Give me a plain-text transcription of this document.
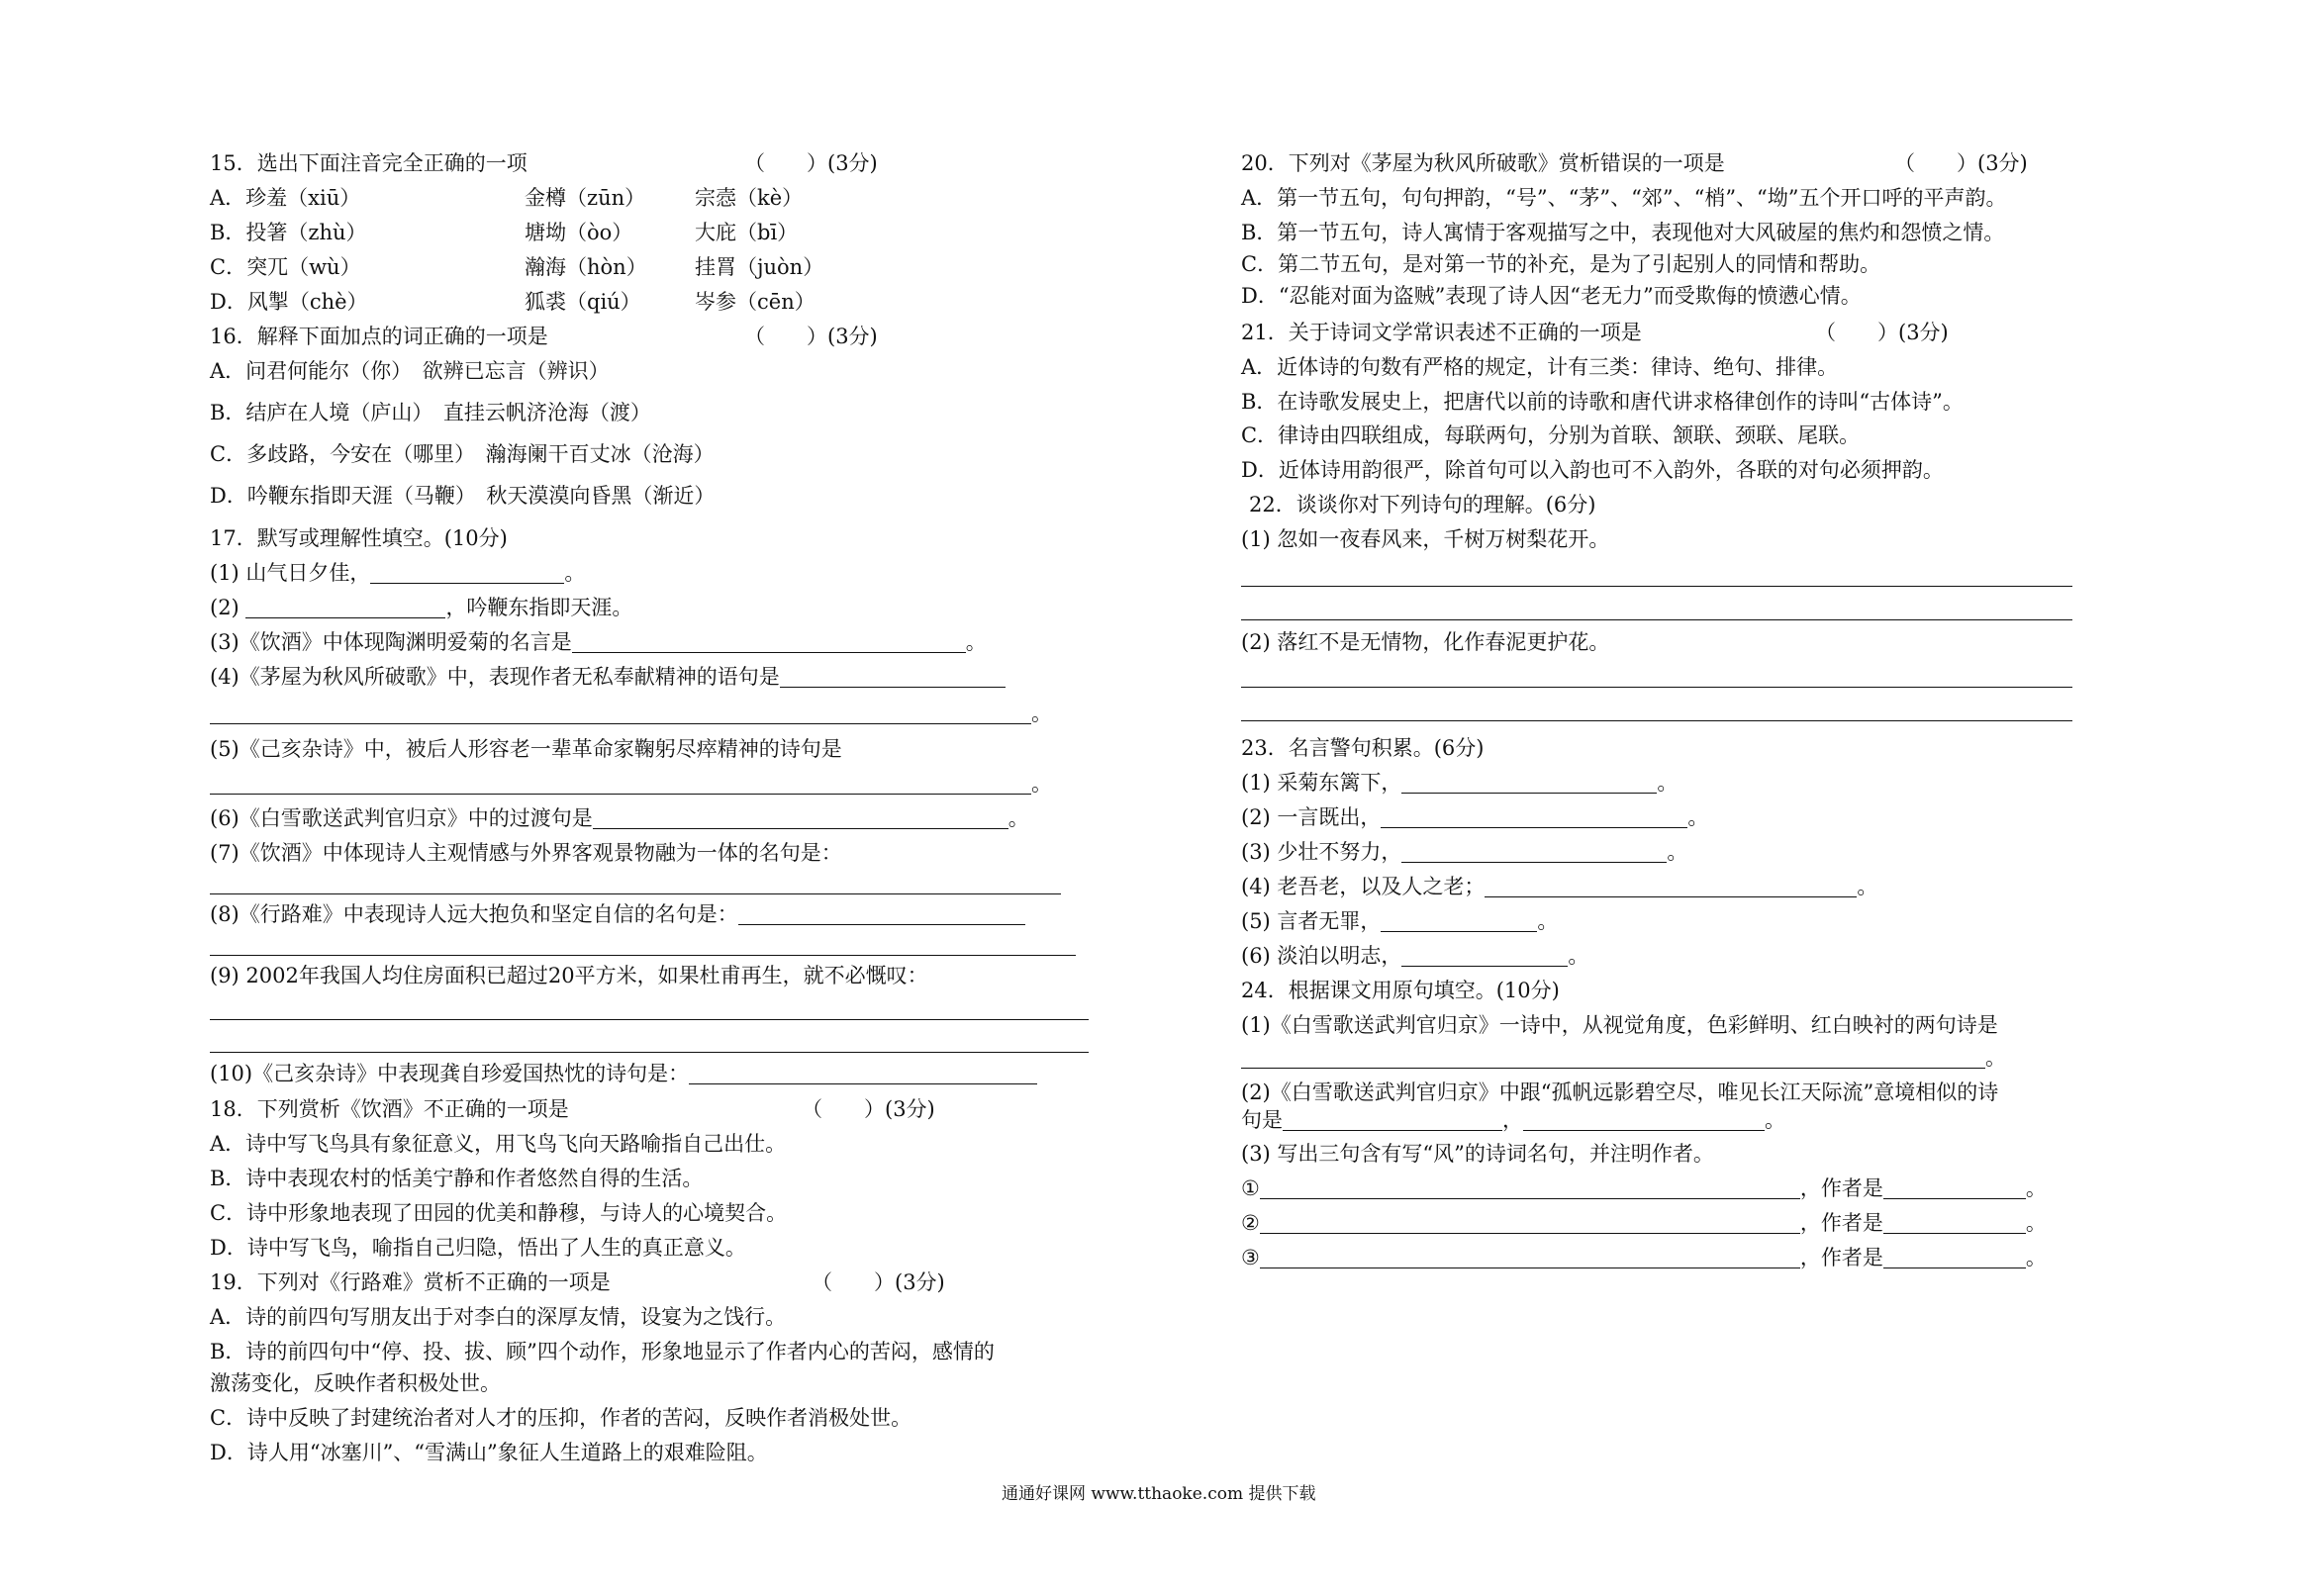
15．选出下面注音完全正确的一项	（　　）(3分)
A．珍羞（xiū）	金樽（zūn） 宗悫（kè）
B．投箸（zhù）	塘坳（òo）	大庇（bī）
C．突兀（wù）	瀚海（hòn） 挂罥（juòn）
D．风掣（chè）	狐裘（qiú）	岑参（cēn）
16．解释下面加点的词正确的一项是	（　　）(3分)
A．问君何能尔（你）　欲辨已忘言（辨识）
B．结庐在人境（庐山）　直挂云帆济沧海（渡）
C．多歧路，今安在（哪里）　瀚海阑干百丈冰（沧海）
D．吟鞭东指即天涯（马鞭）　秋天漠漠向昏黑（渐近）
17．默写或理解性填空。(10分)
(1) 山气日夕佳，	。
(2)	，吟鞭东指即天涯。
(3)《饮酒》中体现陶渊明爱菊的名言是	。
(4)《茅屋为秋风所破歌》中，表现作者无私奉献精神的语句是
。
(5)《己亥杂诗》中，被后人形容老一辈革命家鞠躬尽瘁精神的诗句是
。
(6)《白雪歌送武判官归京》中的过渡句是	。
(7)《饮酒》中体现诗人主观情感与外界客观景物融为一体的名句是：
(8)《行路难》中表现诗人远大抱负和坚定自信的名句是：
(9) 2002年我国人均住房面积已超过20平方米，如果杜甫再生，就不必慨叹：
(10)《己亥杂诗》中表现龚自珍爱国热忱的诗句是：
18．下列赏析《饮酒》不正确的一项是	（　　）(3分)
A．诗中写飞鸟具有象征意义，用飞鸟飞向天路喻指自己出仕。
B．诗中表现农村的恬美宁静和作者悠然自得的生活。
C．诗中形象地表现了田园的优美和静穆，与诗人的心境契合。
D．诗中写飞鸟，喻指自己归隐，悟出了人生的真正意义。
19．下列对《行路难》赏析不正确的一项是	（　　）(3分)
A．诗的前四句写朋友出于对李白的深厚友情，设宴为之饯行。
B．诗的前四句中“停、投、拔、顾”四个动作，形象地显示了作者内心的苦闷，感情的
激荡变化，反映作者积极处世。
C．诗中反映了封建统治者对人才的压抑，作者的苦闷，反映作者消极处世。
D．诗人用“冰塞川”、“雪满山”象征人生道路上的艰难险阻。
20．下列对《茅屋为秋风所破歌》赏析错误的一项是	（　　）(3分)
A．第一节五句，句句押韵，“号”、“茅”、“郊”、“梢”、“坳”五个开口呼的平声韵。
B．第一节五句，诗人寓情于客观描写之中，表现他对大风破屋的焦灼和怨愤之情。
C．第二节五句，是对第一节的补充，是为了引起别人的同情和帮助。
D．“忍能对面为盗贼”表现了诗人因“老无力”而受欺侮的愤懑心情。
21．关于诗词文学常识表述不正确的一项是	（　　）(3分)
A．近体诗的句数有严格的规定，计有三类：律诗、绝句、排律。
B．在诗歌发展史上，把唐代以前的诗歌和唐代讲求格律创作的诗叫“古体诗”。
C．律诗由四联组成，每联两句，分别为首联、颔联、颈联、尾联。
D．近体诗用韵很严，除首句可以入韵也可不入韵外，各联的对句必须押韵。
22．谈谈你对下列诗句的理解。(6分)
(1) 忽如一夜春风来，千树万树梨花开。
(2) 落红不是无情物，化作春泥更护花。
23．名言警句积累。(6分)
(1) 采菊东篱下，	。
(2) 一言既出，	。
(3) 少壮不努力，	。
(4) 老吾老，以及人之老；	。
(5) 言者无罪，	。
(6) 淡泊以明志，	。
24．根据课文用原句填空。(10分)
(1)《白雪歌送武判官归京》一诗中，从视觉角度，色彩鲜明、红白映衬的两句诗是
。
(2)《白雪歌送武判官归京》中跟“孤帆远影碧空尽，唯见长江天际流”意境相似的诗
句是	，	。
(3) 写出三句含有写“风”的诗词名句，并注明作者。
①	，作者是	。
②	，作者是	。
③	，作者是	。
通通好课网 www.tthaoke.com 提供下载
